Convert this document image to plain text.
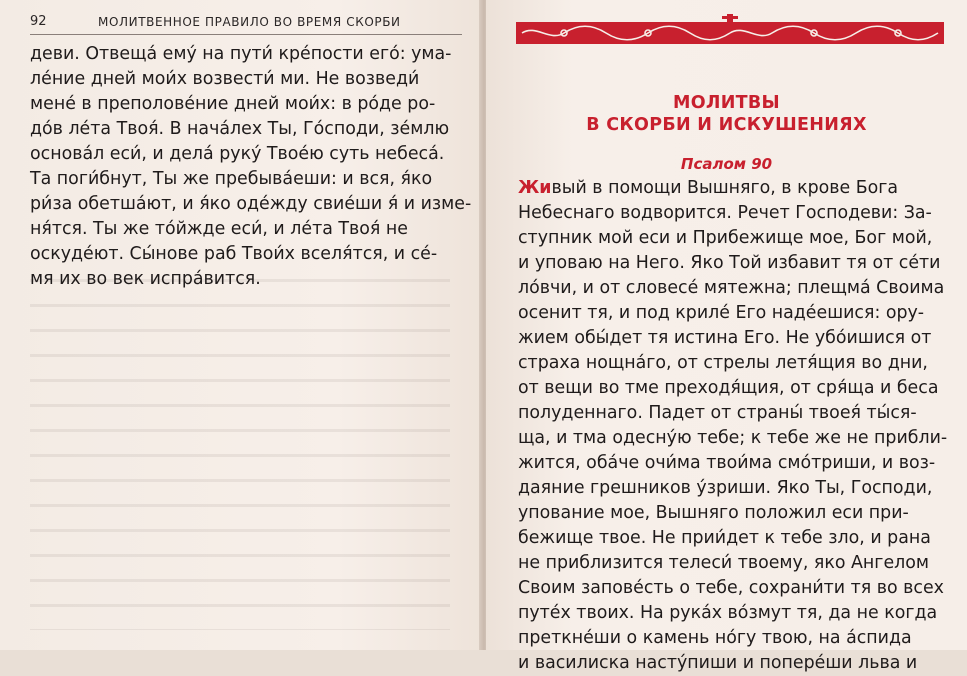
92	МОЛИТВЕННОЕ ПРАВИЛО ВО ВРЕМЯ СКОРБИ
деви. Отвеща́ ему́ на пути́ кре́пости его́: ума-
ле́ние дней мои́х возвести́ ми. Не возведи́
мене́ в преполове́ние дней мои́х: в ро́де ро-
до́в ле́та Твоя́. В нача́лех Ты, Го́споди, зе́млю
основа́л еси́, и дела́ руку́ Твое́ю суть небеса́.
Та поги́бнут, Ты же пребыва́еши: и вся, я́ко
ри́за обетша́ют, и я́ко оде́жду свие́ши я́ и изме-
ня́тся. Ты же то́йжде еси́, и ле́та Твоя́ не
оскуде́ют. Сы́нове раб Твои́х вселя́тся, и се́-
мя их во век испра́вится.
МОЛИТВЫ
В СКОРБИ И ИСКУШЕНИЯХ
Псалом 90
Живый в помощи Вышняго, в крове Бога
Небеснаго водворится. Речет Господеви: За-
ступник мой еси и Прибежище мое, Бог мой,
и уповаю на Него. Яко Той избавит тя от се́ти
ло́вчи, и от словесе́ мятежна; плещма́ Своима
осенит тя, и под криле́ Его наде́ешися: ору-
жием обы́дет тя истина Его. Не убо́ишися от
страха нощна́го, от стрелы летя́щия во дни,
от вещи во тме преходя́щия, от сря́ща и беса
полуденнаго. Падет от страны́ твоея́ ты́ся-
ща, и тма одесну́ю тебе; к тебе же не прибли-
жится, оба́че очи́ма твои́ма смо́триши, и воз-
даяние грешников у́зриши. Яко Ты, Господи,
упование мое, Вышняго положил еси при-
бежище твое. Не прии́дет к тебе зло, и рана
не приблизится телеси́ твоему, яко Ангелом
Своим запове́сть о тебе, сохрани́ти тя во всех
путе́х твоих. На рука́х во́змут тя, да не когда
преткне́ши о камень но́гу твою, на а́спида
и василиска насту́пиши и попере́ши льва и
